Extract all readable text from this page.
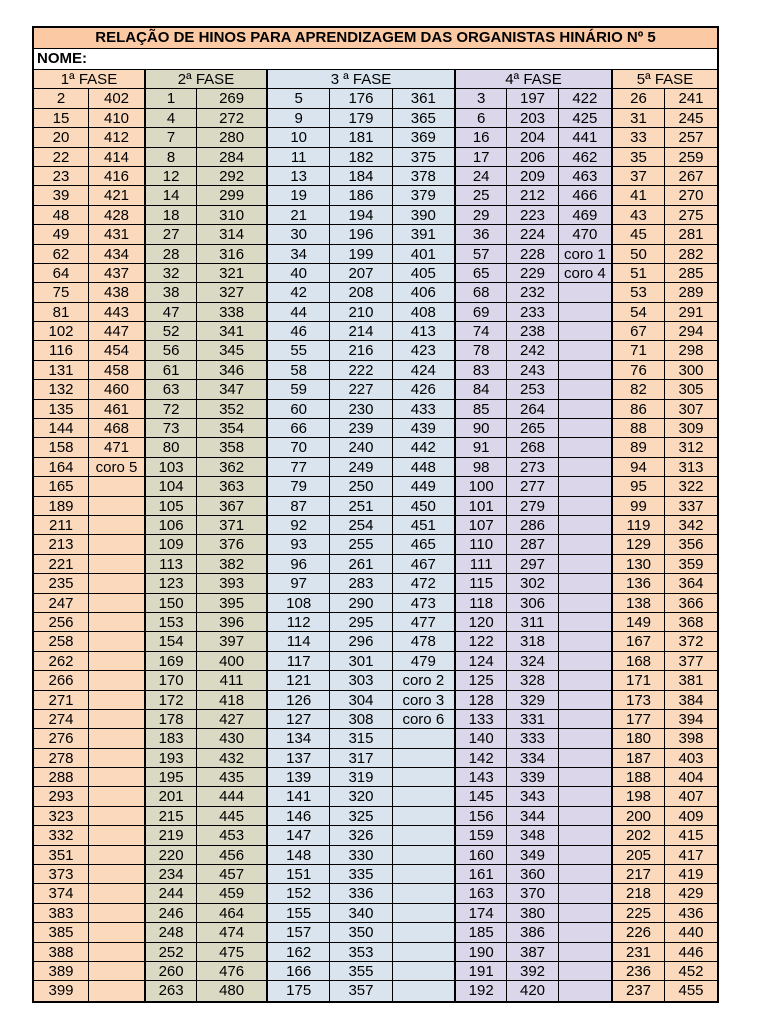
RELAÇÃO DE HINOS PARA APRENDIZAGEM DAS ORGANISTAS HINÁRIO Nº 5
NOME:
1ª FASE
2
15
20
22
23
39
48
49
62
64
75
81
102
116
131
132
135
144
158
164
165
189
211
213
221
235
247
256
258
262
266
271
274
276
278
288
293
323
332
351
373
374
383
385
388
389
399
402
410
412
414
416
421
428
431
434
437
438
443
447
454
458
460
461
468
471
coro 5
2ª FASE
1
4
7
8
12
14
18
27
28
32
38
47
52
56
61
63
72
73
80
103
104
105
106
109
113
123
150
153
154
169
170
172
178
183
193
195
201
215
219
220
234
244
246
248
252
260
263
269
272
280
284
292
299
310
314
316
321
327
338
341
345
346
347
352
354
358
362
363
367
371
376
382
393
395
396
397
400
411
418
427
430
432
435
444
445
453
456
457
459
464
474
475
476
480
3 ª FASE
5
9
10
11
13
19
21
30
34
40
42
44
46
55
58
59
60
66
70
77
79
87
92
93
96
97
108
112
114
117
121
126
127
134
137
139
141
146
147
148
151
152
155
157
162
166
175
176
179
181
182
184
186
194
196
199
207
208
210
214
216
222
227
230
239
240
249
250
251
254
255
261
283
290
295
296
301
303
304
308
315
317
319
320
325
326
330
335
336
340
350
353
355
357
361
365
369
375
378
379
390
391
401
405
406
408
413
423
424
426
433
439
442
448
449
450
451
465
467
472
473
477
478
479
coro 2
coro 3
coro 6
4ª FASE
3
6
16
17
24
25
29
36
57
65
68
69
74
78
83
84
85
90
91
98
100
101
107
110
111
115
118
120
122
124
125
128
133
140
142
143
145
156
159
160
161
163
174
185
190
191
192
197
203
204
206
209
212
223
224
228
229
232
233
238
242
243
253
264
265
268
273
277
279
286
287
297
302
306
311
318
324
328
329
331
333
334
339
343
344
348
349
360
370
380
386
387
392
420
422
425
441
462
463
466
469
470
coro 1
coro 4
5ª FASE
26
31
33
35
37
41
43
45
50
51
53
54
67
71
76
82
86
88
89
94
95
99
119
129
130
136
138
149
167
168
171
173
177
180
187
188
198
200
202
205
217
218
225
226
231
236
237
241
245
257
259
267
270
275
281
282
285
289
291
294
298
300
305
307
309
312
313
322
337
342
356
359
364
366
368
372
377
381
384
394
398
403
404
407
409
415
417
419
429
436
440
446
452
455
